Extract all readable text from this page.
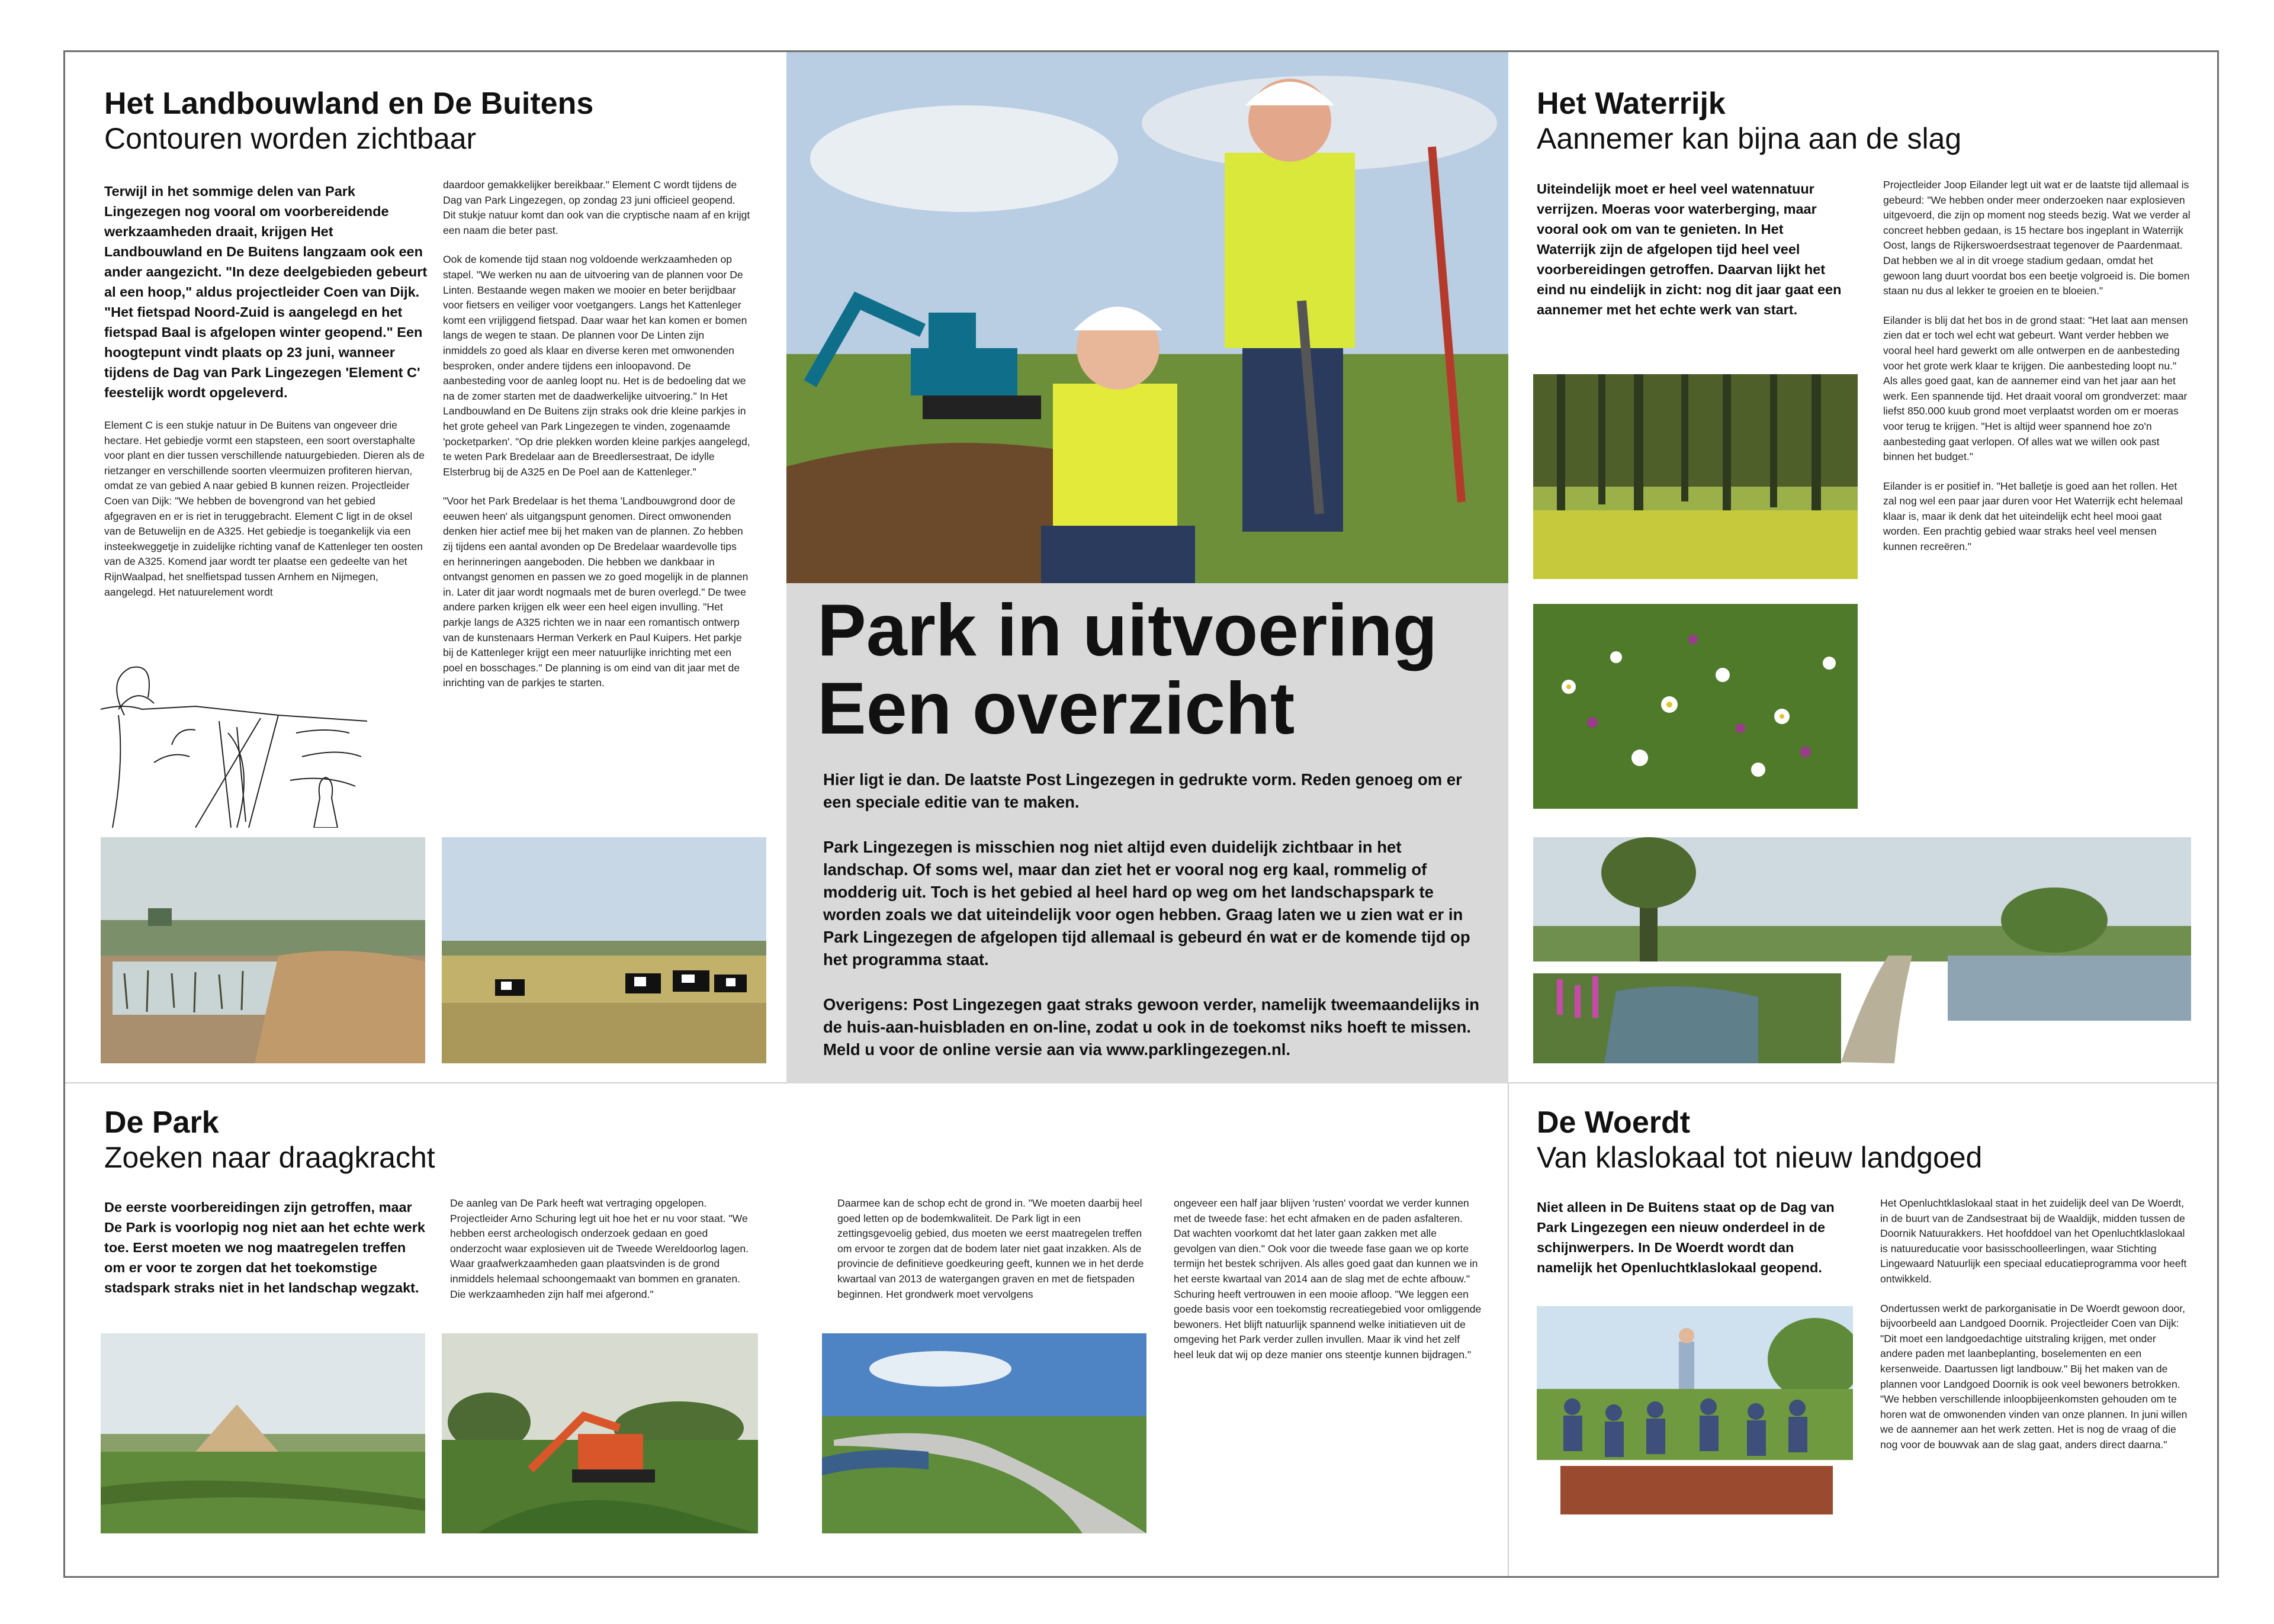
Het Landbouwland en De Buitens
Contouren worden zichtbaar
Terwijl in het sommige delen van Park Lingezegen nog vooral om voorbereidende werkzaamheden draait, krijgen Het Landbouwland en De Buitens langzaam ook een ander aangezicht. "In deze deelgebieden gebeurt al een hoop," aldus projectleider Coen van Dijk. "Het fietspad Noord-Zuid is aangelegd en het fietspad Baal is afgelopen winter geopend." Een hoogtepunt vindt plaats op 23 juni, wanneer tijdens de Dag van Park Lingezegen 'Element C' feestelijk wordt opgeleverd.
Element C is een stukje natuur in De Buitens van ongeveer drie hectare. Het gebiedje vormt een stapsteen, een soort overstaphalte voor plant en dier tussen verschillende natuurgebieden. Dieren als de rietzanger en verschillende soorten vleermuizen profiteren hiervan, omdat ze van gebied A naar gebied B kunnen reizen. Projectleider Coen van Dijk: "We hebben de bovengrond van het gebied afgegraven en er is riet in teruggebracht. Element C ligt in de oksel van de Betuwelijn en de A325. Het gebiedje is toegankelijk via een insteekweggetje in zuidelijke richting vanaf de Kattenleger ten oosten van de A325. Komend jaar wordt ter plaatse een gedeelte van het RijnWaalpad, het snelfietspad tussen Arnhem en Nijmegen, aangelegd. Het natuurelement wordt

daardoor gemakkelijker bereikbaar." Element C wordt tijdens de Dag van Park Lingezegen, op zondag 23 juni officieel geopend. Dit stukje natuur komt dan ook van die cryptische naam af en krijgt een naam die beter past.

Ook de komende tijd staan nog voldoende werkzaamheden op stapel. "We werken nu aan de uitvoering van de plannen voor De Linten. Bestaande wegen maken we mooier en beter berijdbaar voor fietsers en veiliger voor voetgangers. Langs het Kattenleger komt een vrijliggend fietspad. Daar waar het kan komen er bomen langs de wegen te staan. De plannen voor De Linten zijn inmiddels zo goed als klaar en diverse keren met omwonenden besproken, onder andere tijdens een inloopavond. De aanbesteding voor de aanleg loopt nu. Het is de bedoeling dat we na de zomer starten met de daadwerkelijke uitvoering." In Het Landbouwland en De Buitens zijn straks ook drie kleine parkjes in het grote geheel van Park Lingezegen te vinden, zogenaamde 'pocketparken'. "Op drie plekken worden kleine parkjes aangelegd, te weten Park Bredelaar aan de Breedlersestraat, De idylle Elsterbrug bij de A325 en De Poel aan de Kattenleger."

"Voor het Park Bredelaar is het thema 'Landbouwgrond door de eeuwen heen' als uitgangspunt genomen. Direct omwonenden denken hier actief mee bij het maken van de plannen. Zo hebben zij tijdens een aantal avonden op De Bredelaar waardevolle tips en herinneringen aangeboden. Die hebben we dankbaar in ontvangst genomen en passen we zo goed mogelijk in de plannen in. Later dit jaar wordt nogmaals met de buren overlegd." De twee andere parken krijgen elk weer een heel eigen invulling. "Het parkje langs de A325 richten we in naar een romantisch ontwerp van de kunstenaars Herman Verkerk en Paul Kuipers. Het parkje bij de Kattenleger krijgt een meer natuurlijke inrichting met een poel en bosschages." De planning is om eind van dit jaar met de inrichting van de parkjes te starten.

Park in uitvoering
Een overzicht

Hier ligt ie dan. De laatste Post Lingezegen in gedrukte vorm. Reden genoeg om er een speciale editie van te maken.

Park Lingezegen is misschien nog niet altijd even duidelijk zichtbaar in het landschap. Of soms wel, maar dan ziet het er vooral nog erg kaal, rommelig of modderig uit. Toch is het gebied al heel hard op weg om het landschapspark te worden zoals we dat uiteindelijk voor ogen hebben. Graag laten we u zien wat er in Park Lingezegen de afgelopen tijd allemaal is gebeurd én wat er de komende tijd op het programma staat.

Overigens: Post Lingezegen gaat straks gewoon verder, namelijk tweemaandelijks in de huis-aan-huisbladen en on-line, zodat u ook in de toekomst niks hoeft te missen. Meld u voor de online versie aan via www.parklingezegen.nl.

Het Waterrijk
Aannemer kan bijna aan de slag
Uiteindelijk moet er heel veel watennatuur verrijzen. Moeras voor waterberging, maar vooral ook om van te genieten. In Het Waterrijk zijn de afgelopen tijd heel veel voorbereidingen getroffen. Daarvan lijkt het eind nu eindelijk in zicht: nog dit jaar gaat een aannemer met het echte werk van start.

Projectleider Joop Eilander legt uit wat er de laatste tijd allemaal is gebeurd: "We hebben onder meer onderzoeken naar explosieven uitgevoerd, die zijn op moment nog steeds bezig. Wat we verder al concreet hebben gedaan, is 15 hectare bos ingeplant in Waterrijk Oost, langs de Rijkerswoerdsestraat tegenover de Paardenmaat. Dat hebben we al in dit vroege stadium gedaan, omdat het gewoon lang duurt voordat bos een beetje volgroeid is. Die bomen staan nu dus al lekker te groeien en te bloeien."

Eilander is blij dat het bos in de grond staat: "Het laat aan mensen zien dat er toch wel echt wat gebeurt. Want verder hebben we vooral heel hard gewerkt om alle ontwerpen en de aanbesteding voor het grote werk klaar te krijgen. Die aanbesteding loopt nu." Als alles goed gaat, kan de aannemer eind van het jaar aan het werk. Een spannende tijd. Het draait vooral om grondverzet: maar liefst 850.000 kuub grond moet verplaatst worden om er moeras voor terug te krijgen. "Het is altijd weer spannend hoe zo'n aanbesteding gaat verlopen. Of alles wat we willen ook past binnen het budget."

Eilander is er positief in. "Het balletje is goed aan het rollen. Het zal nog wel een paar jaar duren voor Het Waterrijk echt helemaal klaar is, maar ik denk dat het uiteindelijk echt heel mooi gaat worden. Een prachtig gebied waar straks heel veel mensen kunnen recreëren."

De Park
Zoeken naar draagkracht
De eerste voorbereidingen zijn getroffen, maar De Park is voorlopig nog niet aan het echte werk toe. Eerst moeten we nog maatregelen treffen om er voor te zorgen dat het toekomstige stadspark straks niet in het landschap wegzakt.
De aanleg van De Park heeft wat vertraging opgelopen. Projectleider Arno Schuring legt uit hoe het er nu voor staat. "We hebben eerst archeologisch onderzoek gedaan en goed onderzocht waar explosieven uit de Tweede Wereldoorlog lagen. Waar graafwerkzaamheden gaan plaatsvinden is de grond inmiddels helemaal schoongemaakt van bommen en granaten. Die werkzaamheden zijn half mei afgerond."
Daarmee kan de schop echt de grond in. "We moeten daarbij heel goed letten op de bodemkwaliteit. De Park ligt in een zettingsgevoelig gebied, dus moeten we eerst maatregelen treffen om ervoor te zorgen dat de bodem later niet gaat inzakken. Als de provincie de definitieve goedkeuring geeft, kunnen we in het derde kwartaal van 2013 de watergangen graven en met de fietspaden beginnen. Het grondwerk moet vervolgens
ongeveer een half jaar blijven 'rusten' voordat we verder kunnen met de tweede fase: het echt afmaken en de paden asfalteren. Dat wachten voorkomt dat het later gaan zakken met alle gevolgen van dien." Ook voor die tweede fase gaan we op korte termijn het bestek schrijven. Als alles goed gaat dan kunnen we in het eerste kwartaal van 2014 aan de slag met de echte afbouw." Schuring heeft vertrouwen in een mooie afloop. "We leggen een goede basis voor een toekomstig recreatiegebied voor omliggende bewoners. Het blijft natuurlijk spannend welke initiatieven uit de omgeving het Park verder zullen invullen. Maar ik vind het zelf heel leuk dat wij op deze manier ons steentje kunnen bijdragen."
De Woerdt
Van klaslokaal tot nieuw landgoed
Niet alleen in De Buitens staat op de Dag van Park Lingezegen een nieuw onderdeel in de schijnwerpers. In De Woerdt wordt dan namelijk het Openluchtklaslokaal geopend.

Het Openluchtklaslokaal staat in het zuidelijk deel van De Woerdt, in de buurt van de Zandsestraat bij de Waaldijk, midden tussen de Doornik Natuurakkers. Het hoofddoel van het Openluchtklaslokaal is natuureducatie voor basisschoolleerlingen, waar Stichting Lingewaard Natuurlijk een speciaal educatieprogramma voor heeft ontwikkeld.

Ondertussen werkt de parkorganisatie in De Woerdt gewoon door, bijvoorbeeld aan Landgoed Doornik. Projectleider Coen van Dijk: "Dit moet een landgoedachtige uitstraling krijgen, met onder andere paden met laanbeplanting, boselementen en een kersenweide. Daartussen ligt landbouw." Bij het maken van de plannen voor Landgoed Doornik is ook veel bewoners betrokken. "We hebben verschillende inloopbijeenkomsten gehouden om te horen wat de omwonenden vinden van onze plannen. In juni willen we de aannemer aan het werk zetten. Het is nog de vraag of die nog voor de bouwvak aan de slag gaat, anders direct daarna."
